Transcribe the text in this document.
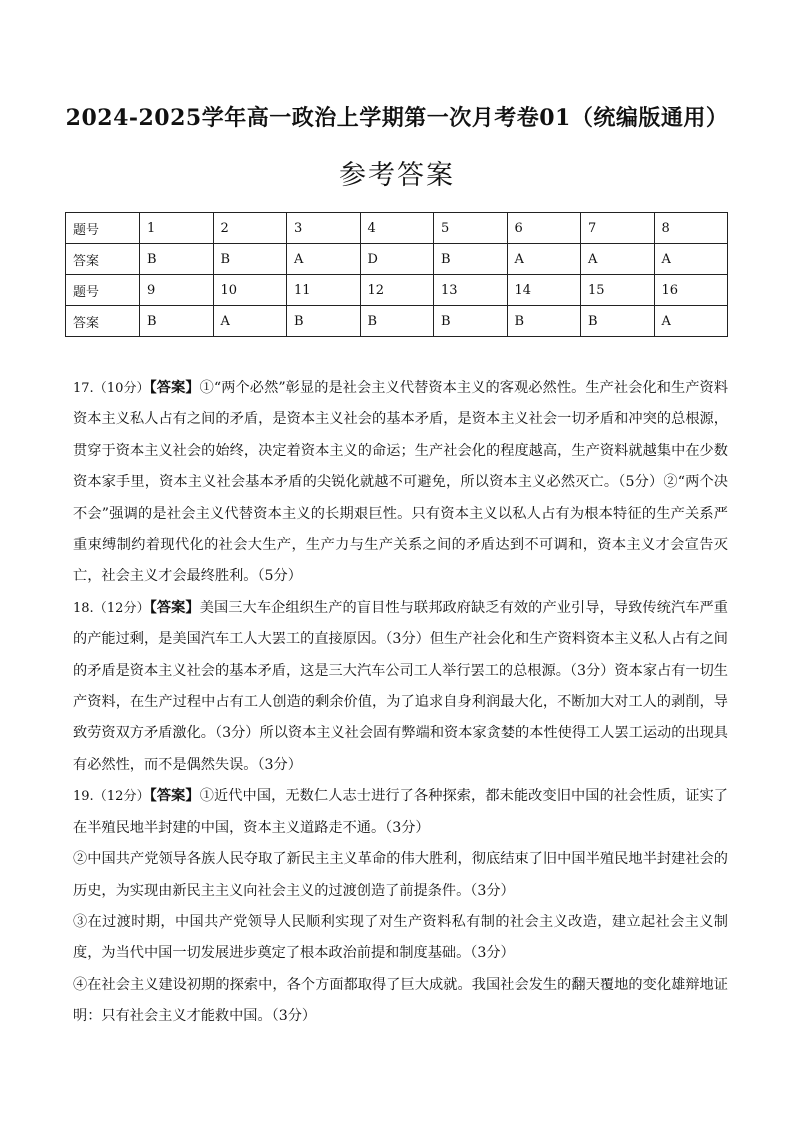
2024-2025学年高一政治上学期第一次月考卷01（统编版通用）
参考答案
题号	1	2	3	4	5	6	7	8
答案	B	B	A	D	B	A	A	A
题号	9	10	11	12	13	14	15	16
答案	B	A	B	B	B	B	B	A

17.（10分）【答案】①“两个必然”彰显的是社会主义代替资本主义的客观必然性。生产社会化和生产资料资本主义私人占有之间的矛盾，是资本主义社会的基本矛盾，是资本主义社会一切矛盾和冲突的总根源，贯穿于资本主义社会的始终，决定着资本主义的命运；生产社会化的程度越高，生产资料就越集中在少数资本家手里，资本主义社会基本矛盾的尖锐化就越不可避免，所以资本主义必然灭亡。（5分）②“两个决不会”强调的是社会主义代替资本主义的长期艰巨性。只有资本主义以私人占有为根本特征的生产关系严重束缚制约着现代化的社会大生产，生产力与生产关系之间的矛盾达到不可调和，资本主义才会宣告灭亡，社会主义才会最终胜利。（5分）

18.（12分）【答案】美国三大车企组织生产的盲目性与联邦政府缺乏有效的产业引导，导致传统汽车严重的产能过剩，是美国汽车工人大罢工的直接原因。（3分）但生产社会化和生产资料资本主义私人占有之间的矛盾是资本主义社会的基本矛盾，这是三大汽车公司工人举行罢工的总根源。（3分）资本家占有一切生产资料，在生产过程中占有工人创造的剩余价值，为了追求自身利润最大化，不断加大对工人的剥削，导致劳资双方矛盾激化。（3分）所以资本主义社会固有弊端和资本家贪婪的本性使得工人罢工运动的出现具有必然性，而不是偶然失误。（3分）

19.（12分）【答案】①近代中国，无数仁人志士进行了各种探索，都未能改变旧中国的社会性质，证实了在半殖民地半封建的中国，资本主义道路走不通。（3分）

②中国共产党领导各族人民夺取了新民主主义革命的伟大胜利，彻底结束了旧中国半殖民地半封建社会的历史，为实现由新民主主义向社会主义的过渡创造了前提条件。（3分）

③在过渡时期，中国共产党领导人民顺利实现了对生产资料私有制的社会主义改造，建立起社会主义制度，为当代中国一切发展进步奠定了根本政治前提和制度基础。（3分）

④在社会主义建设初期的探索中，各个方面都取得了巨大成就。我国社会发生的翻天覆地的变化雄辩地证明：只有社会主义才能救中国。（3分）
